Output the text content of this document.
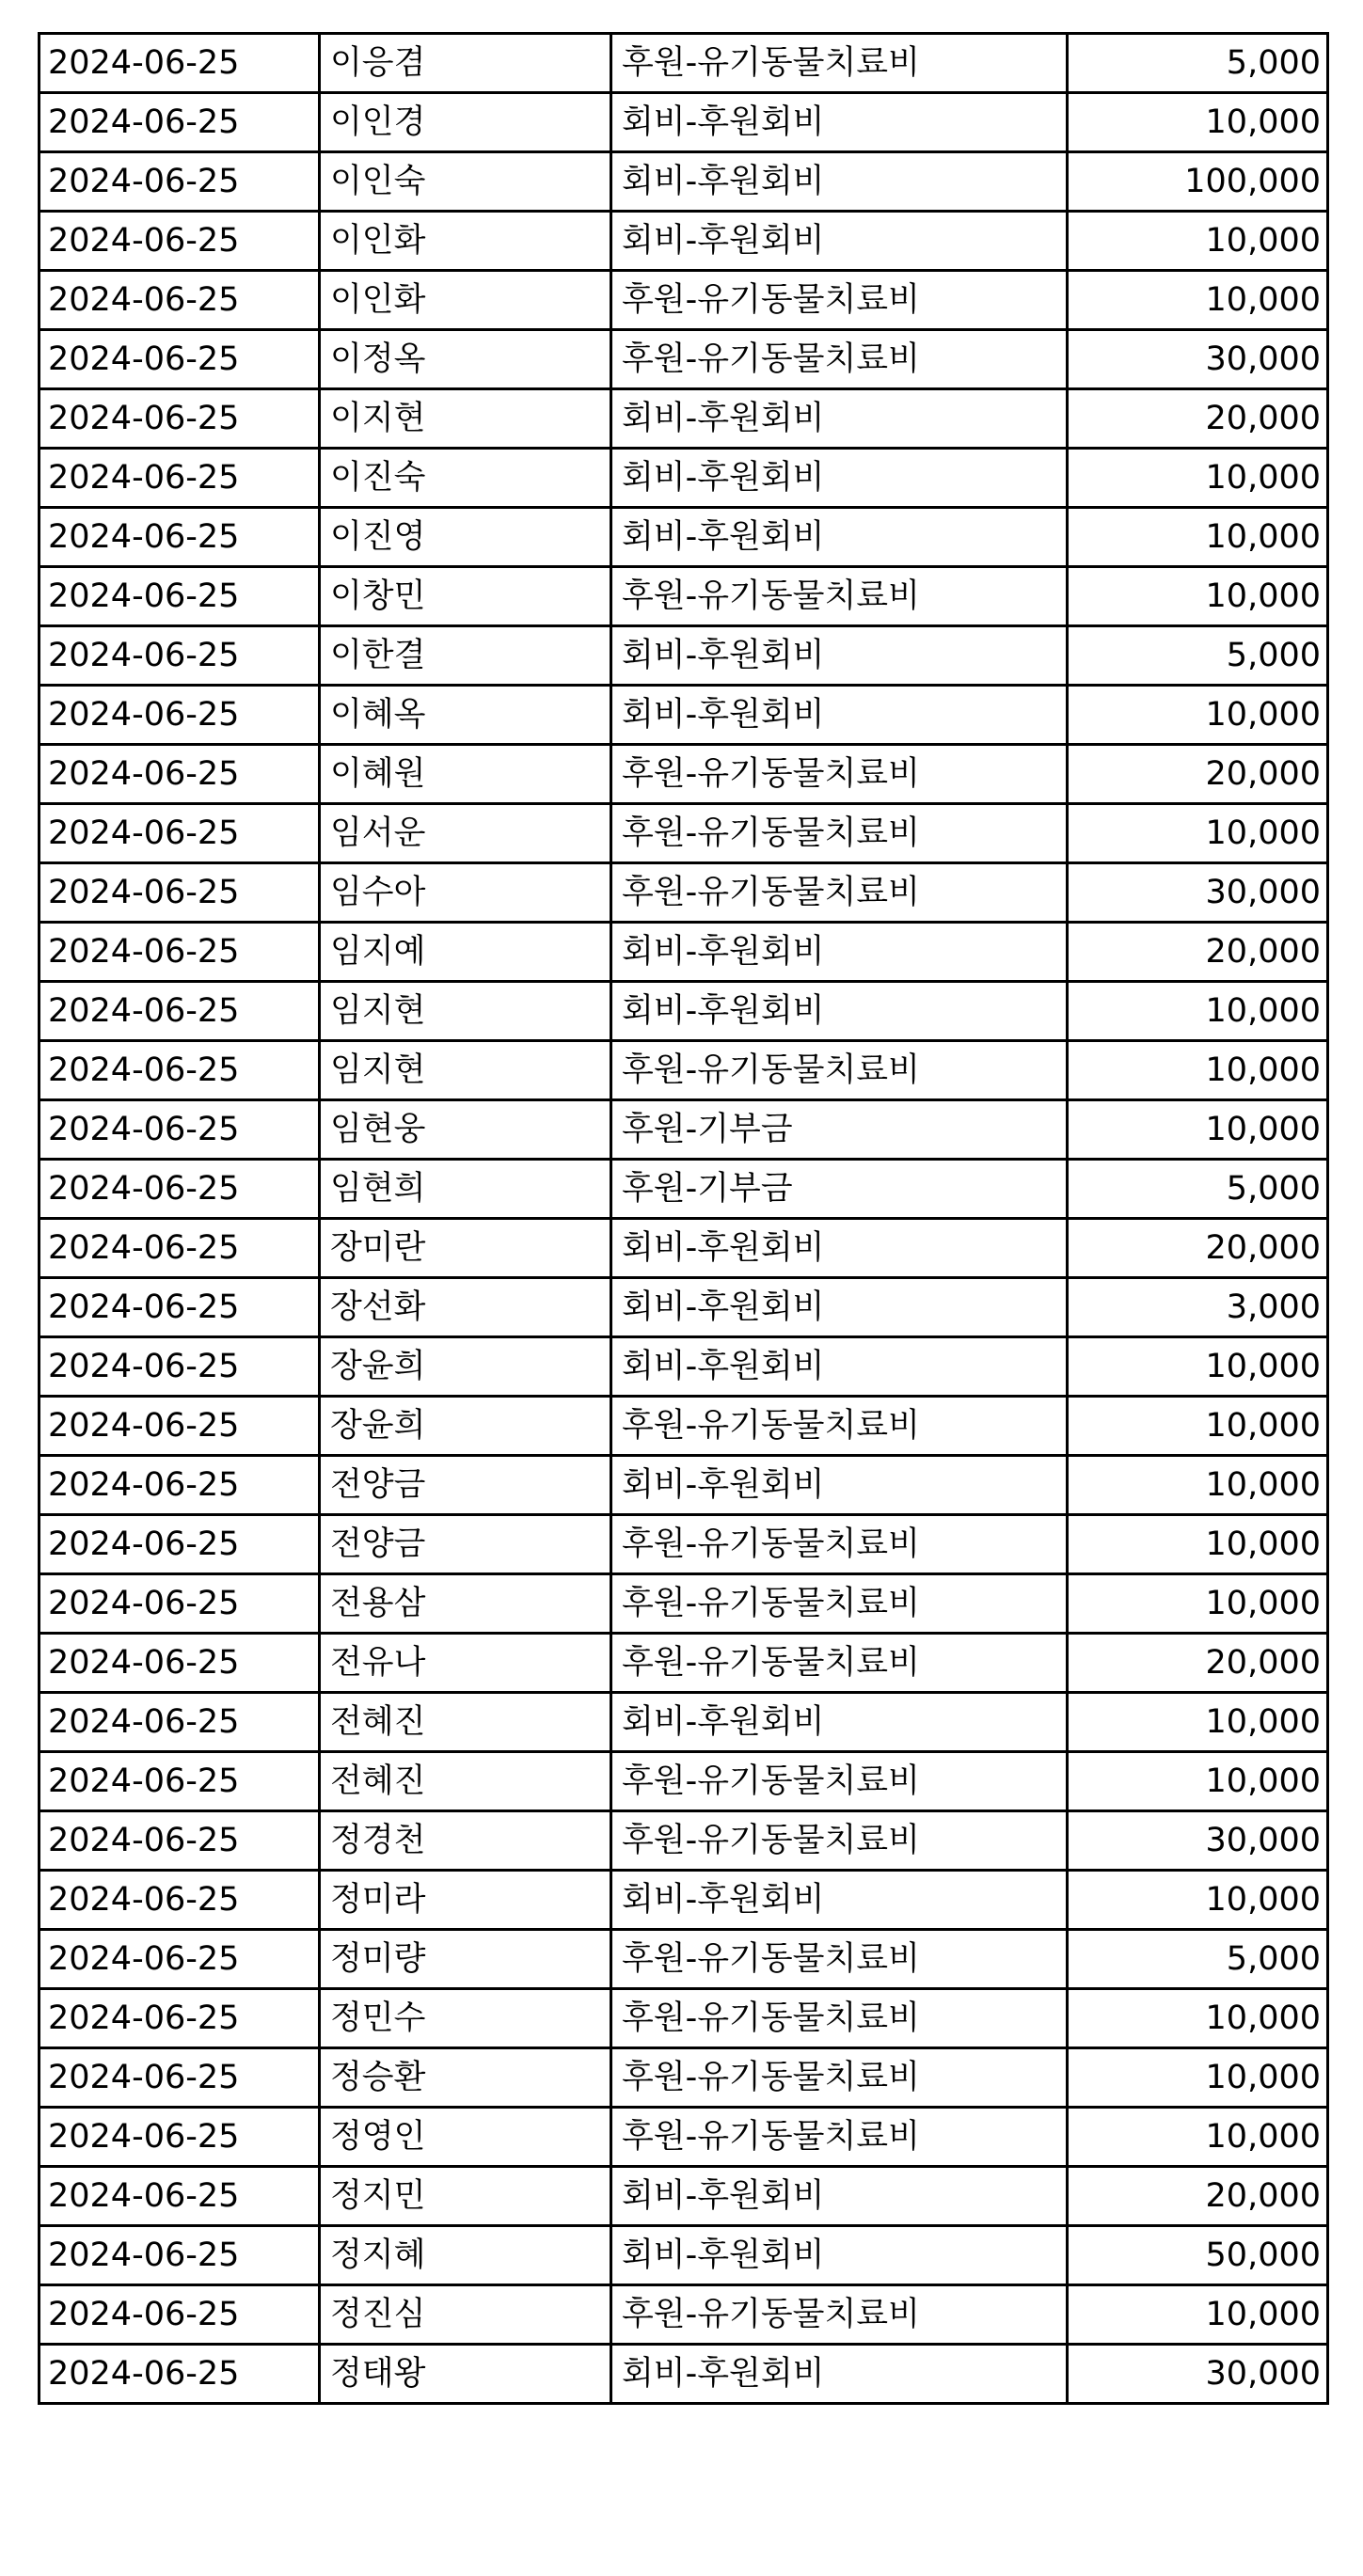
2024-06-25	이응겸	후원-유기동물치료비	5,000
2024-06-25	이인경	회비-후원회비	10,000
2024-06-25	이인숙	회비-후원회비	100,000
2024-06-25	이인화	회비-후원회비	10,000
2024-06-25	이인화	후원-유기동물치료비	10,000
2024-06-25	이정옥	후원-유기동물치료비	30,000
2024-06-25	이지현	회비-후원회비	20,000
2024-06-25	이진숙	회비-후원회비	10,000
2024-06-25	이진영	회비-후원회비	10,000
2024-06-25	이창민	후원-유기동물치료비	10,000
2024-06-25	이한결	회비-후원회비	5,000
2024-06-25	이혜옥	회비-후원회비	10,000
2024-06-25	이혜원	후원-유기동물치료비	20,000
2024-06-25	임서운	후원-유기동물치료비	10,000
2024-06-25	임수아	후원-유기동물치료비	30,000
2024-06-25	임지예	회비-후원회비	20,000
2024-06-25	임지현	회비-후원회비	10,000
2024-06-25	임지현	후원-유기동물치료비	10,000
2024-06-25	임현웅	후원-기부금	10,000
2024-06-25	임현희	후원-기부금	5,000
2024-06-25	장미란	회비-후원회비	20,000
2024-06-25	장선화	회비-후원회비	3,000
2024-06-25	장윤희	회비-후원회비	10,000
2024-06-25	장윤희	후원-유기동물치료비	10,000
2024-06-25	전양금	회비-후원회비	10,000
2024-06-25	전양금	후원-유기동물치료비	10,000
2024-06-25	전용삼	후원-유기동물치료비	10,000
2024-06-25	전유나	후원-유기동물치료비	20,000
2024-06-25	전혜진	회비-후원회비	10,000
2024-06-25	전혜진	후원-유기동물치료비	10,000
2024-06-25	정경천	후원-유기동물치료비	30,000
2024-06-25	정미라	회비-후원회비	10,000
2024-06-25	정미량	후원-유기동물치료비	5,000
2024-06-25	정민수	후원-유기동물치료비	10,000
2024-06-25	정승환	후원-유기동물치료비	10,000
2024-06-25	정영인	후원-유기동물치료비	10,000
2024-06-25	정지민	회비-후원회비	20,000
2024-06-25	정지혜	회비-후원회비	50,000
2024-06-25	정진심	후원-유기동물치료비	10,000
2024-06-25	정태왕	회비-후원회비	30,000
